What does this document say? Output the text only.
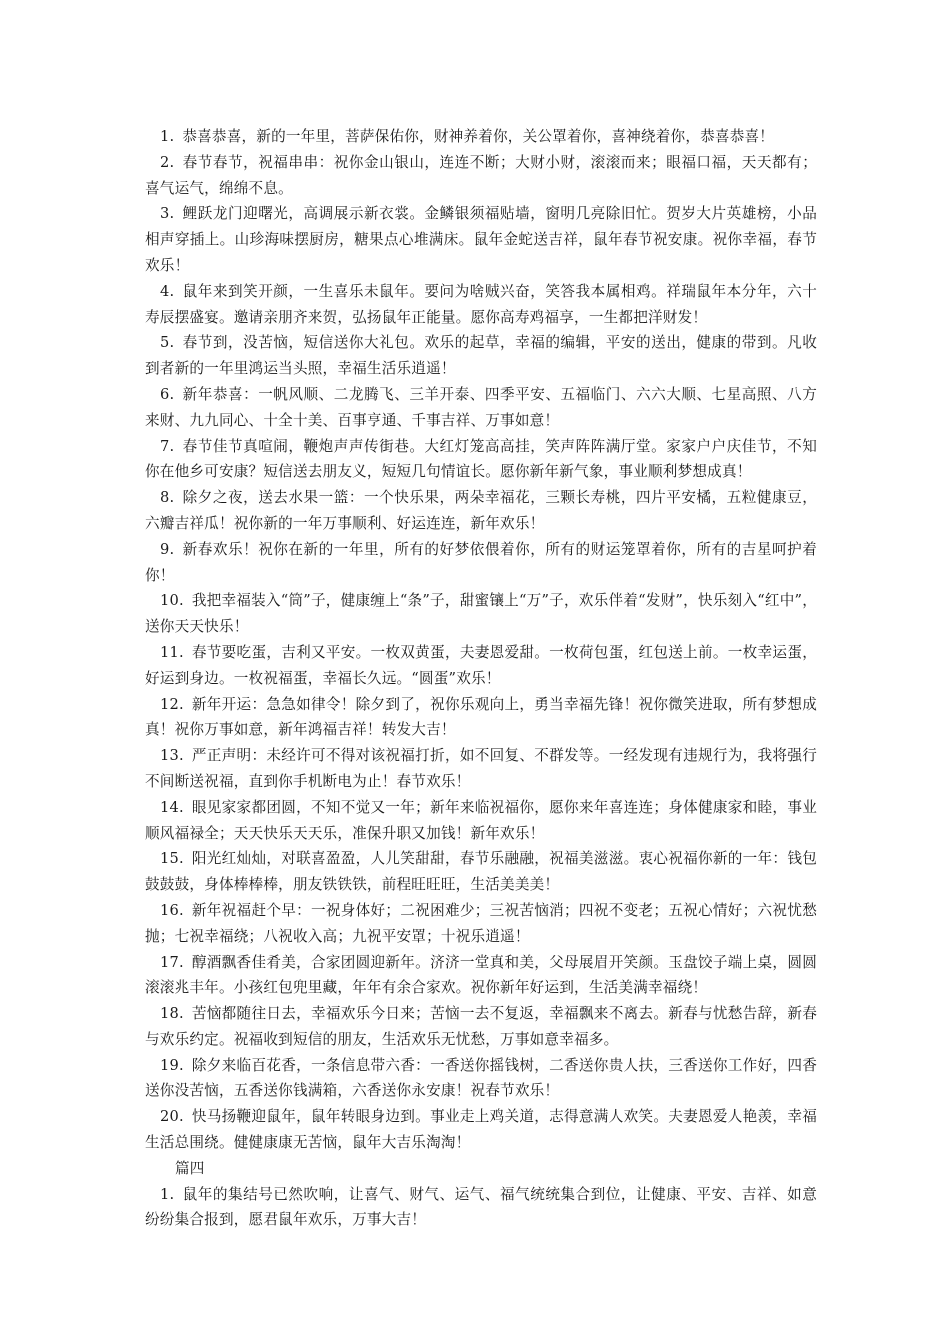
1. 恭喜恭喜，新的一年里，菩萨保佑你，财神养着你，关公罩着你，喜神绕着你，恭喜恭喜！

2. 春节春节，祝福串串：祝你金山银山，连连不断；大财小财，滚滚而来；眼福口福，天天都有；喜气运气，绵绵不息。

3. 鲤跃龙门迎曙光，高调展示新衣裳。金鳞银须福贴墙，窗明几亮除旧忙。贺岁大片英雄榜，小品相声穿插上。山珍海味摆厨房，糖果点心堆满床。鼠年金蛇送吉祥，鼠年春节祝安康。祝你幸福，春节欢乐！

4. 鼠年来到笑开颜，一生喜乐未鼠年。要问为啥贼兴奋，笑答我本属相鸡。祥瑞鼠年本分年，六十寿辰摆盛宴。邀请亲朋齐来贺，弘扬鼠年正能量。愿你高寿鸡福享，一生都把洋财发！

5. 春节到，没苦恼，短信送你大礼包。欢乐的起草，幸福的编辑，平安的送出，健康的带到。凡收到者新的一年里鸿运当头照，幸福生活乐逍遥！

6. 新年恭喜：一帆风顺、二龙腾飞、三羊开泰、四季平安、五福临门、六六大顺、七星高照、八方来财、九九同心、十全十美、百事亨通、千事吉祥、万事如意！

7. 春节佳节真喧闹，鞭炮声声传街巷。大红灯笼高高挂，笑声阵阵满厅堂。家家户户庆佳节，不知你在他乡可安康？短信送去朋友义，短短几句情谊长。愿你新年新气象，事业顺利梦想成真！

8. 除夕之夜，送去水果一篮：一个快乐果，两朵幸福花，三颗长寿桃，四片平安橘，五粒健康豆，六瓣吉祥瓜！祝你新的一年万事顺利、好运连连，新年欢乐！

9. 新春欢乐！祝你在新的一年里，所有的好梦依偎着你，所有的财运笼罩着你，所有的吉星呵护着你！

10. 我把幸福装入“筒”子，健康缠上“条”子，甜蜜镶上“万”子，欢乐伴着“发财”，快乐刻入“红中”，送你天天快乐！

11. 春节要吃蛋，吉利又平安。一枚双黄蛋，夫妻恩爱甜。一枚荷包蛋，红包送上前。一枚幸运蛋，好运到身边。一枚祝福蛋，幸福长久远。“圆蛋”欢乐！

12. 新年开运：急急如律令！除夕到了，祝你乐观向上，勇当幸福先锋！祝你微笑进取，所有梦想成真！祝你万事如意，新年鸿福吉祥！转发大吉！

13. 严正声明：未经许可不得对该祝福打折，如不回复、不群发等。一经发现有违规行为，我将强行不间断送祝福，直到你手机断电为止！春节欢乐！

14. 眼见家家都团圆，不知不觉又一年；新年来临祝福你，愿你来年喜连连；身体健康家和睦，事业顺风福禄全；天天快乐天天乐，准保升职又加钱！新年欢乐！

15. 阳光红灿灿，对联喜盈盈，人儿笑甜甜，春节乐融融，祝福美滋滋。衷心祝福你新的一年：钱包鼓鼓鼓，身体棒棒棒，朋友铁铁铁，前程旺旺旺，生活美美美！

16. 新年祝福赶个早：一祝身体好；二祝困难少；三祝苦恼消；四祝不变老；五祝心情好；六祝忧愁抛；七祝幸福绕；八祝收入高；九祝平安罩；十祝乐逍遥！

17. 醇酒飘香佳肴美，合家团圆迎新年。济济一堂真和美，父母展眉开笑颜。玉盘饺子端上桌，圆圆滚滚兆丰年。小孩红包兜里藏，年年有余合家欢。祝你新年好运到，生活美满幸福绕！

18. 苦恼都随往日去，幸福欢乐今日来；苦恼一去不复返，幸福飘来不离去。新春与忧愁告辞，新春与欢乐约定。祝福收到短信的朋友，生活欢乐无忧愁，万事如意幸福多。

19. 除夕来临百花香，一条信息带六香：一香送你摇钱树，二香送你贵人扶，三香送你工作好，四香送你没苦恼，五香送你钱满箱，六香送你永安康！祝春节欢乐！

20. 快马扬鞭迎鼠年，鼠年转眼身边到。事业走上鸡关道，志得意满人欢笑。夫妻恩爱人艳羡，幸福生活总围绕。健健康康无苦恼，鼠年大吉乐淘淘！

篇四

1. 鼠年的集结号已然吹响，让喜气、财气、运气、福气统统集合到位，让健康、平安、吉祥、如意纷纷集合报到，愿君鼠年欢乐，万事大吉！
